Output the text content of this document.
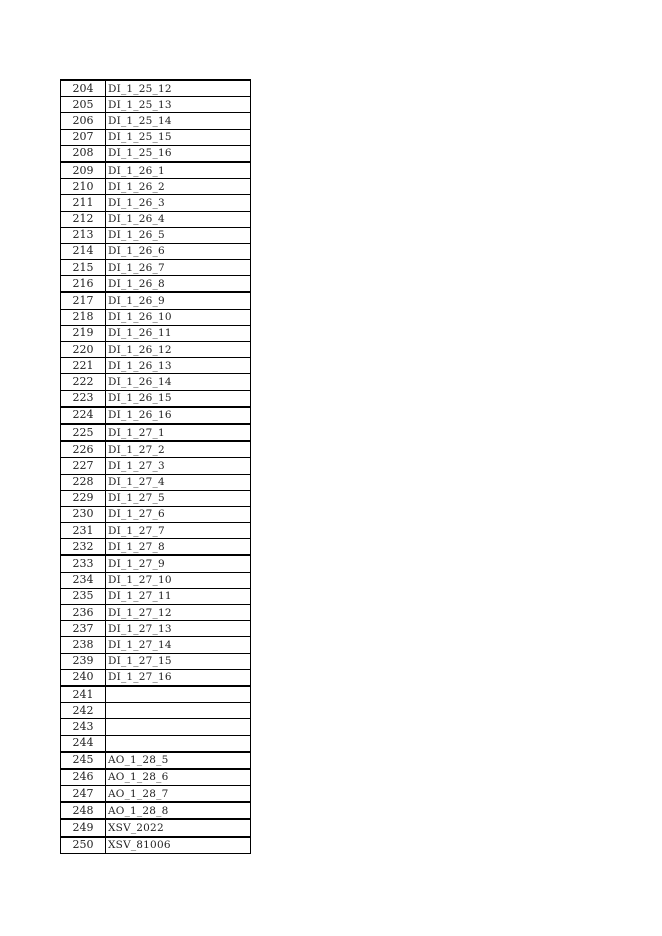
204	DI_1_25_12
205	DI_1_25_13
206	DI_1_25_14
207	DI_1_25_15
208	DI_1_25_16
209	DI_1_26_1
210	DI_1_26_2
211	DI_1_26_3
212	DI_1_26_4
213	DI_1_26_5
214	DI_1_26_6
215	DI_1_26_7
216	DI_1_26_8
217	DI_1_26_9
218	DI_1_26_10
219	DI_1_26_11
220	DI_1_26_12
221	DI_1_26_13
222	DI_1_26_14
223	DI_1_26_15
224	DI_1_26_16
225	DI_1_27_1
226	DI_1_27_2
227	DI_1_27_3
228	DI_1_27_4
229	DI_1_27_5
230	DI_1_27_6
231	DI_1_27_7
232	DI_1_27_8
233	DI_1_27_9
234	DI_1_27_10
235	DI_1_27_11
236	DI_1_27_12
237	DI_1_27_13
238	DI_1_27_14
239	DI_1_27_15
240	DI_1_27_16
241	
242	
243	
244	
245	AO_1_28_5
246	AO_1_28_6
247	AO_1_28_7
248	AO_1_28_8
249	XSV_2022
250	XSV_81006
